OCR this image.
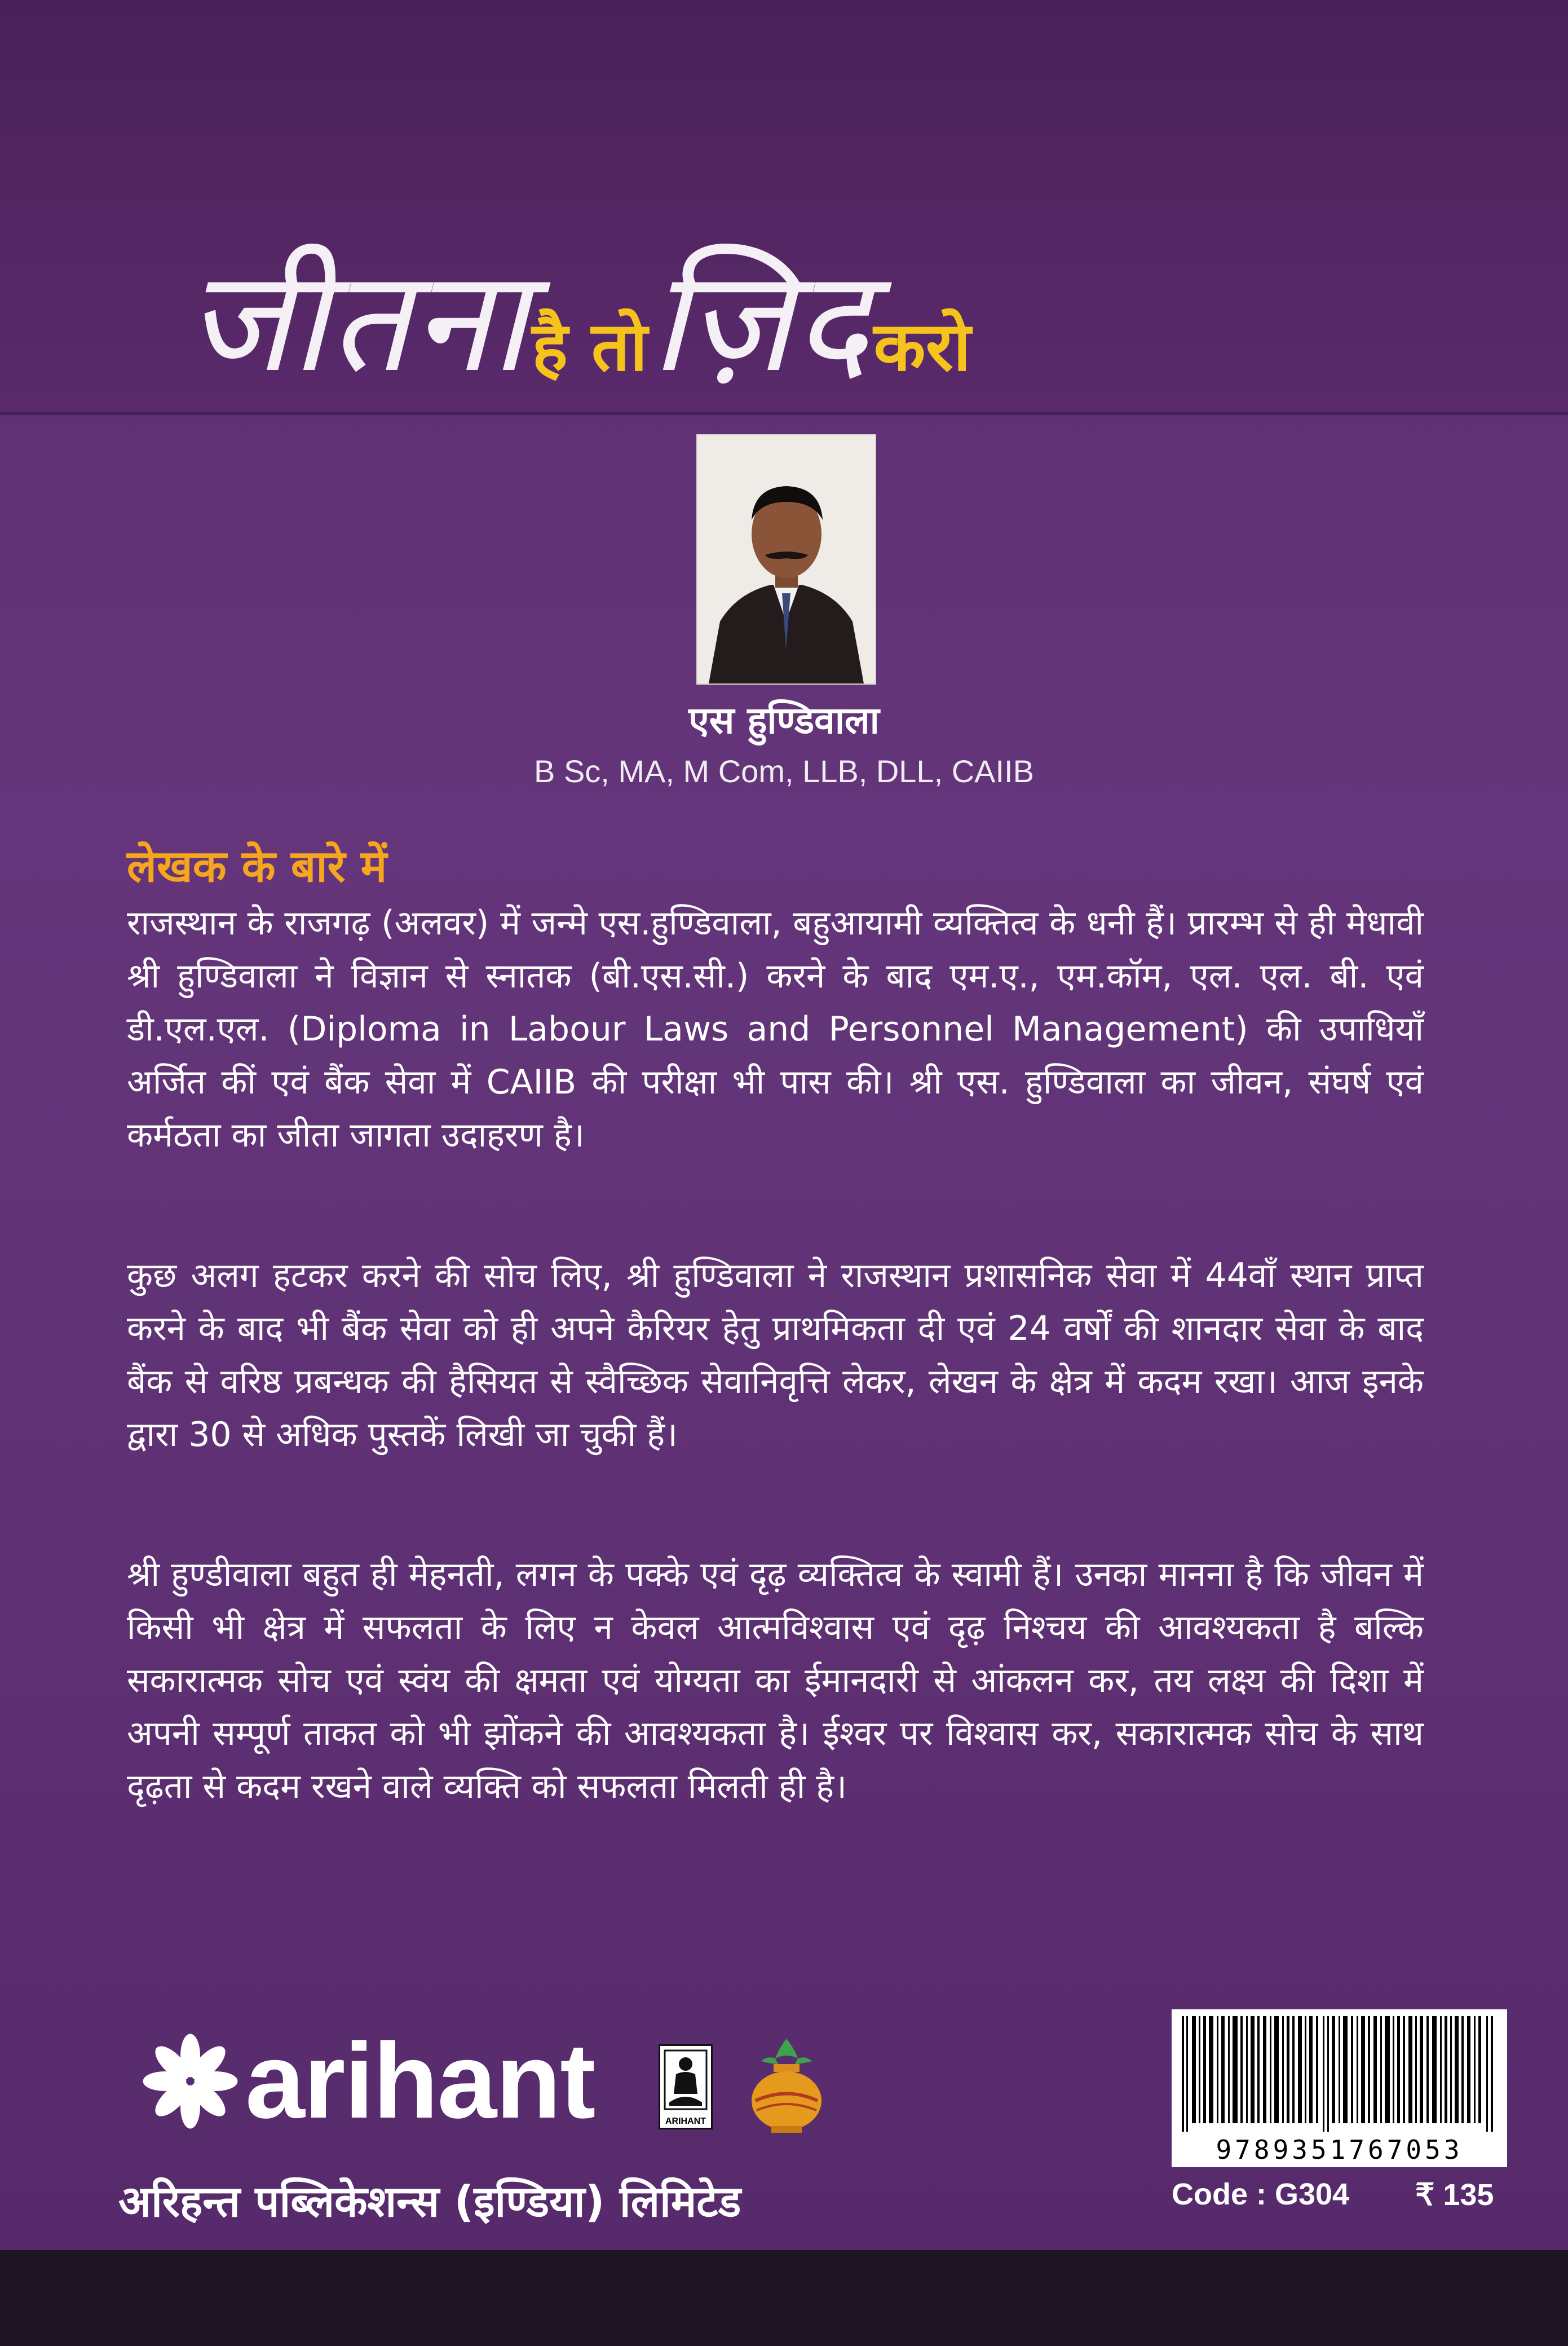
जीतना है तो ज़िद करो
एस हुण्डिवाला
B Sc, MA, M Com, LLB, DLL, CAIIB
लेखक के बारे में

राजस्थान के राजगढ़ (अलवर) में जन्मे एस.हुण्डिवाला, बहुआयामी व्यक्तित्व के धनी हैं। प्रारम्भ से ही मेधावी श्री हुण्डिवाला ने विज्ञान से स्नातक (बी.एस.सी.) करने के बाद एम.ए., एम.कॉम, एल. एल. बी. एवं डी.एल.एल. (Diploma in Labour Laws and Personnel Management) की उपाधियाँ अर्जित कीं एवं बैंक सेवा में CAIIB की परीक्षा भी पास की। श्री एस. हुण्डिवाला का जीवन, संघर्ष एवं कर्मठता का जीता जागता उदाहरण है।

कुछ अलग हटकर करने की सोच लिए, श्री हुण्डिवाला ने राजस्थान प्रशासनिक सेवा में 44वाँ स्थान प्राप्त करने के बाद भी बैंक सेवा को ही अपने कैरियर हेतु प्राथमिकता दी एवं 24 वर्षों की शानदार सेवा के बाद बैंक से वरिष्ठ प्रबन्धक की हैसियत से स्वैच्छिक सेवानिवृत्ति लेकर, लेखन के क्षेत्र में कदम रखा। आज इनके द्वारा 30 से अधिक पुस्तकें लिखी जा चुकी हैं।

श्री हुण्डीवाला बहुत ही मेहनती, लगन के पक्के एवं दृढ़ व्यक्तित्व के स्वामी हैं। उनका मानना है कि जीवन में किसी भी क्षेत्र में सफलता के लिए न केवल आत्मविश्वास एवं दृढ़ निश्चय की आवश्यकता है बल्कि सकारात्मक सोच एवं स्वंय की क्षमता एवं योग्यता का ईमानदारी से आंकलन कर, तय लक्ष्य की दिशा में अपनी सम्पूर्ण ताकत को भी झोंकने की आवश्यकता है। ईश्वर पर विश्वास कर, सकारात्मक सोच के साथ दृढ़ता से कदम रखने वाले व्यक्ति को सफलता मिलती ही है।

arihant	ARIHANT
अरिहन्त पब्लिकेशन्स (इण्डिया) लिमिटेड
9789351767053
Code : G304 ₹ 135
